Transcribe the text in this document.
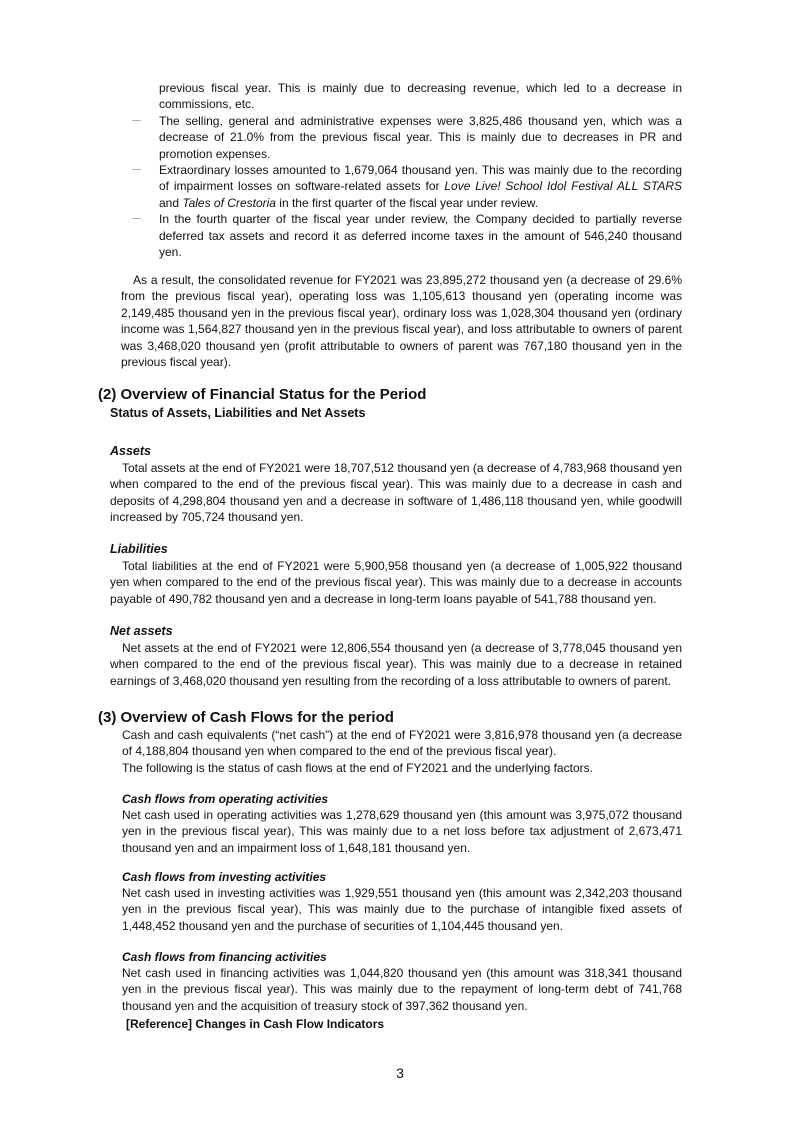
previous fiscal year. This is mainly due to decreasing revenue, which led to a decrease in commissions, etc.

－ The selling, general and administrative expenses were 3,825,486 thousand yen, which was a decrease of 21.0% from the previous fiscal year. This is mainly due to decreases in PR and promotion expenses.

－ Extraordinary losses amounted to 1,679,064 thousand yen. This was mainly due to the recording of impairment losses on software-related assets for Love Live! School Idol Festival ALL STARS and Tales of Crestoria in the first quarter of the fiscal year under review.

－ In the fourth quarter of the fiscal year under review, the Company decided to partially reverse deferred tax assets and record it as deferred income taxes in the amount of 546,240 thousand yen.

As a result, the consolidated revenue for FY2021 was 23,895,272 thousand yen (a decrease of 29.6% from the previous fiscal year), operating loss was 1,105,613 thousand yen (operating income was 2,149,485 thousand yen in the previous fiscal year), ordinary loss was 1,028,304 thousand yen (ordinary income was 1,564,827 thousand yen in the previous fiscal year), and loss attributable to owners of parent was 3,468,020 thousand yen (profit attributable to owners of parent was 767,180 thousand yen in the previous fiscal year).

(2) Overview of Financial Status for the Period
Status of Assets, Liabilities and Net Assets
Assets

Total assets at the end of FY2021 were 18,707,512 thousand yen (a decrease of 4,783,968 thousand yen when compared to the end of the previous fiscal year). This was mainly due to a decrease in cash and deposits of 4,298,804 thousand yen and a decrease in software of 1,486,118 thousand yen, while goodwill increased by 705,724 thousand yen.

Liabilities

Total liabilities at the end of FY2021 were 5,900,958 thousand yen (a decrease of 1,005,922 thousand yen when compared to the end of the previous fiscal year). This was mainly due to a decrease in accounts payable of 490,782 thousand yen and a decrease in long-term loans payable of 541,788 thousand yen.

Net assets

Net assets at the end of FY2021 were 12,806,554 thousand yen (a decrease of 3,778,045 thousand yen when compared to the end of the previous fiscal year). This was mainly due to a decrease in retained earnings of 3,468,020 thousand yen resulting from the recording of a loss attributable to owners of parent.

(3) Overview of Cash Flows for the period

Cash and cash equivalents (“net cash”) at the end of FY2021 were 3,816,978 thousand yen (a decrease of 4,188,804 thousand yen when compared to the end of the previous fiscal year).

The following is the status of cash flows at the end of FY2021 and the underlying factors.

Cash flows from operating activities

Net cash used in operating activities was 1,278,629 thousand yen (this amount was 3,975,072 thousand yen in the previous fiscal year), This was mainly due to a net loss before tax adjustment of 2,673,471 thousand yen and an impairment loss of 1,648,181 thousand yen.

Cash flows from investing activities

Net cash used in investing activities was 1,929,551 thousand yen (this amount was 2,342,203 thousand yen in the previous fiscal year), This was mainly due to the purchase of intangible fixed assets of 1,448,452 thousand yen and the purchase of securities of 1,104,445 thousand yen.

Cash flows from financing activities

Net cash used in financing activities was 1,044,820 thousand yen (this amount was 318,341 thousand yen in the previous fiscal year). This was mainly due to the repayment of long-term debt of 741,768 thousand yen and the acquisition of treasury stock of 397,362 thousand yen.

[Reference] Changes in Cash Flow Indicators
3
